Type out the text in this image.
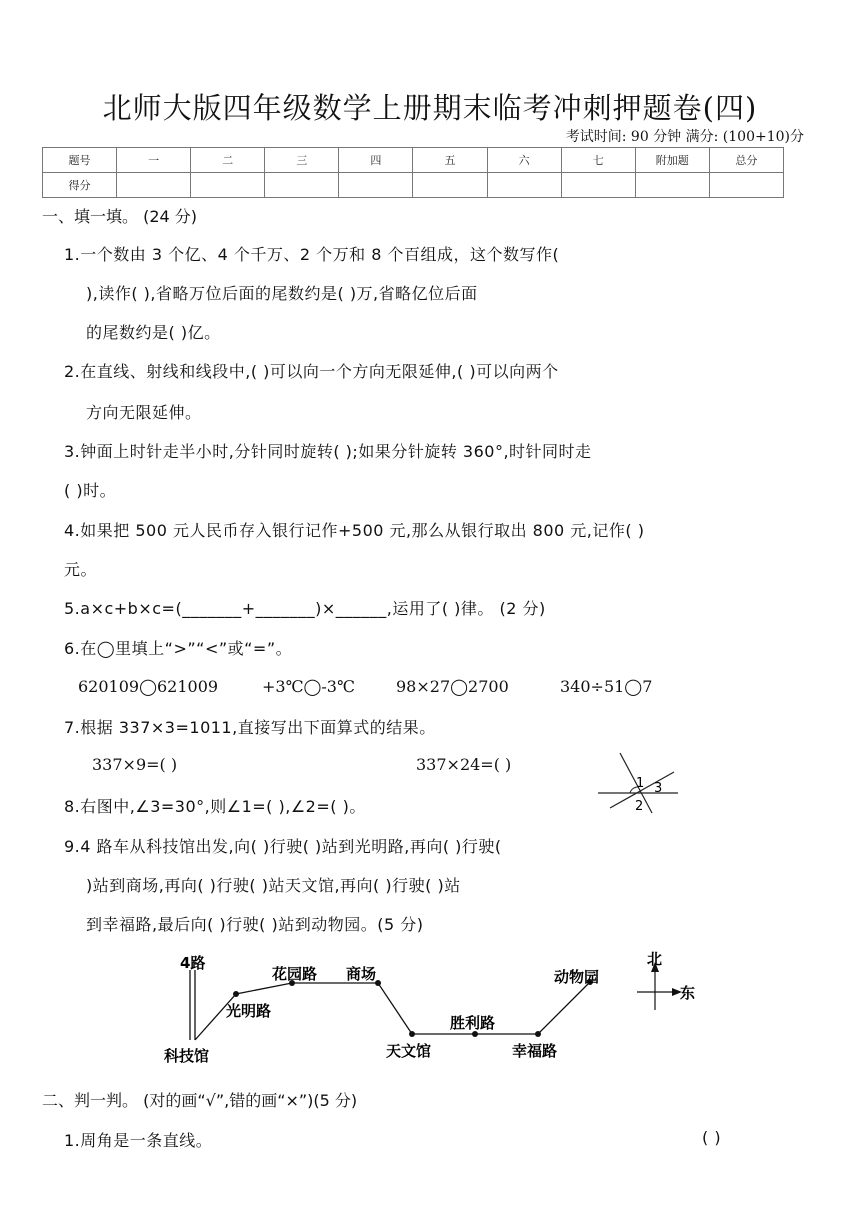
北师大版四年级数学上册期末临考冲刺押题卷(四)
考试时间: 90 分钟 满分: (100+10)分
题号	一	二	三	四	五	六	七	附加题	总分
得分									
一、填一填。 (24 分)
1.一个数由 3 个亿、4 个千万、2 个万和 8 个百组成，这个数写作(
),读作( ),省略万位后面的尾数约是( )万,省略亿位后面
的尾数约是( )亿。
2.在直线、射线和线段中,( )可以向一个方向无限延伸,( )可以向两个
方向无限延伸。
3.钟面上时针走半小时,分针同时旋转( );如果分针旋转 360°,时针同时走
( )时。
4.如果把 500 元人民币存入银行记作+500 元,那么从银行取出 800 元,记作( )
元。
5.a×c+b×c=(_______+_______)×______,运用了( )律。 (2 分)
6.在◯里填上“>”“<”或“=”。
620109◯621009	+3℃◯-3℃	98×27◯2700	340÷51◯7
7.根据 337×3=1011,直接写出下面算式的结果。
337×9=( )	337×24=( )
1 3
2
8.右图中,∠3=30°,则∠1=( ),∠2=( )。
9.4 路车从科技馆出发,向( )行驶( )站到光明路,再向( )行驶(
)站到商场,再向( )行驶( )站天文馆,再向( )行驶( )站
到幸福路,最后向( )行驶( )站到动物园。(5 分)
4路
科技馆
光明路
花园路 商场
天文馆
胜利路
幸福路
动物园
北
东
二、判一判。 (对的画“√”,错的画“×”)(5 分)
1.周角是一条直线。	( )
